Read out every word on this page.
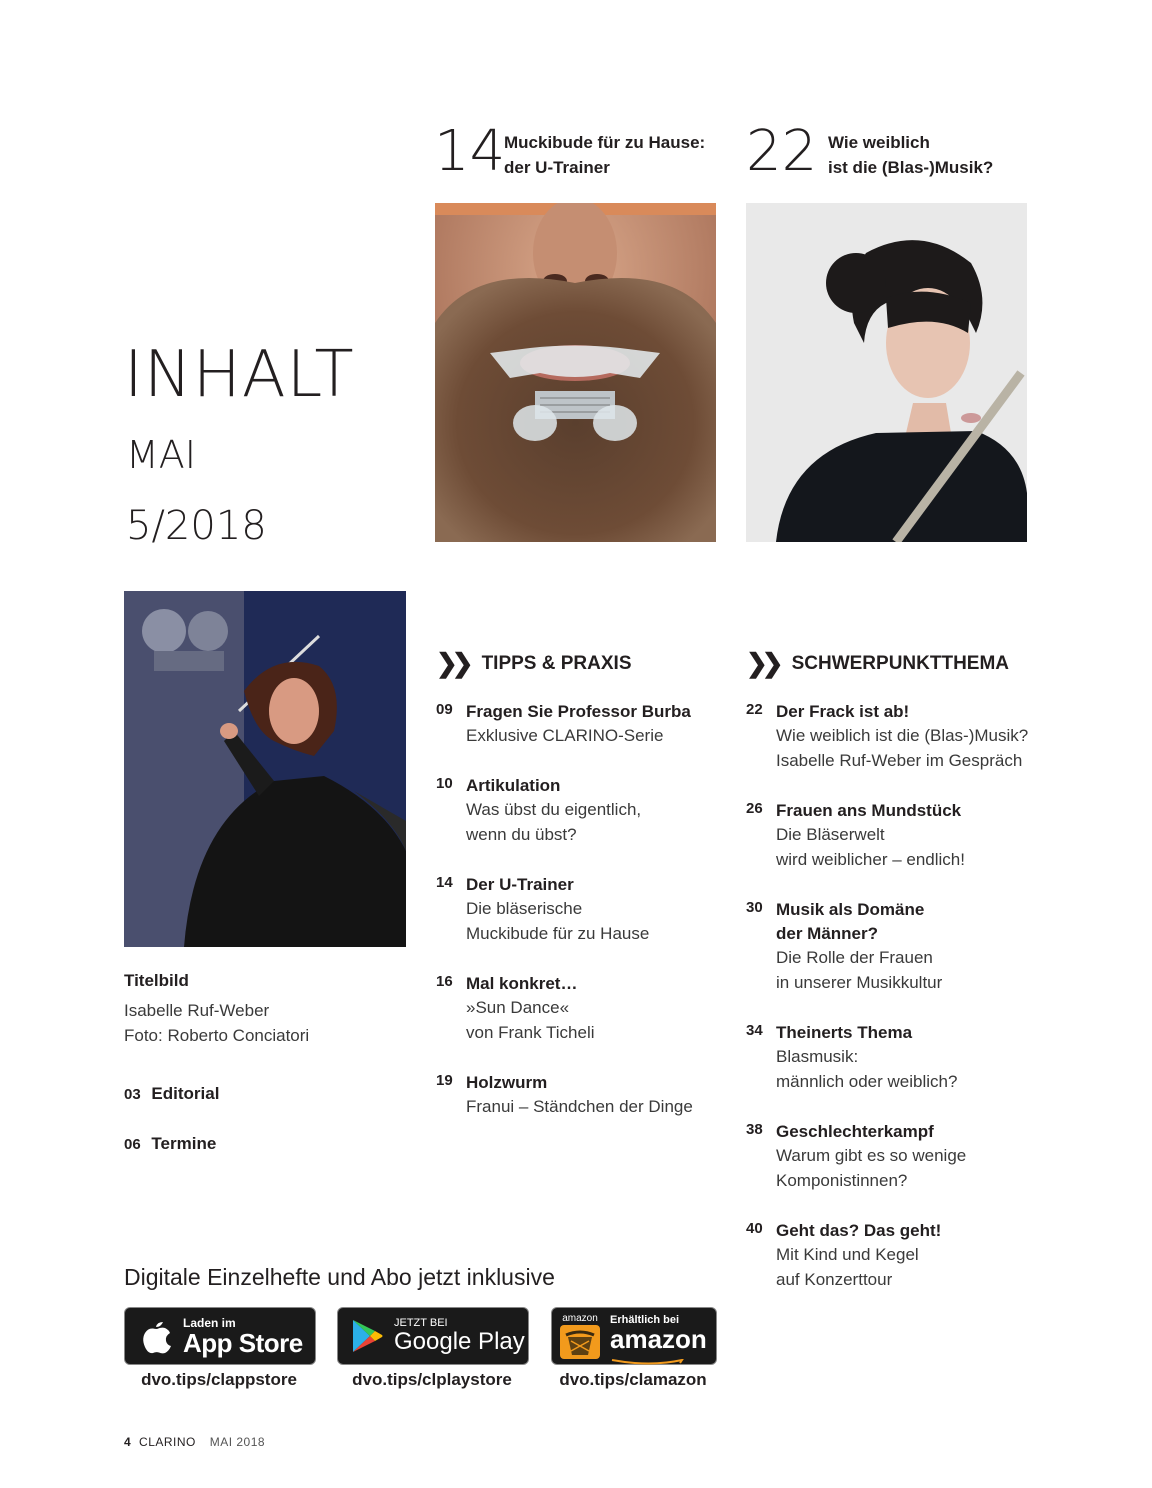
INHALT
MAI
5/2018
14
Muckibude für zu Hause:
der U-Trainer	22 Wie weiblich
ist die (Blas-)Musik?
Titelbild
Isabelle Ruf-Weber
Foto: Roberto Conciatori
03 Editorial
06 Termine
❯❯ TIPPS & PRAXIS
09 Fragen Sie Professor Burba
Exklusive CLARINO-Serie
10 Artikulation
Was übst du eigentlich,
wenn du übst?
14 Der U-Trainer
Die bläserische
Muckibude für zu Hause
16 Mal konkret…
»Sun Dance«
von Frank Ticheli
19 Holzwurm
Franui – Ständchen der Dinge
❯❯ SCHWERPUNKTTHEMA
22 Der Frack ist ab!
Wie weiblich ist die (Blas-)Musik?
Isabelle Ruf-Weber im Gespräch
26 Frauen ans Mundstück
Die Bläserwelt
wird weiblicher – endlich!
30 Musik als Domäne
der Männer?
Die Rolle der Frauen
in unserer Musikkultur
34 Theinerts Thema
Blasmusik:
männlich oder weiblich?
38 Geschlechterkampf
Warum gibt es so wenige
Komponistinnen?
40 Geht das? Das geht!
Mit Kind und Kegel
auf Konzerttour
Digitale Einzelhefte und Abo jetzt inklusive
Laden im
App Store
dvo.tips/clappstore
JETZT BEI
Google Play
dvo.tips/clplaystore
amazon Erhältlich bei
amazon
dvo.tips/clamazon
4 CLARINO MAI 2018
